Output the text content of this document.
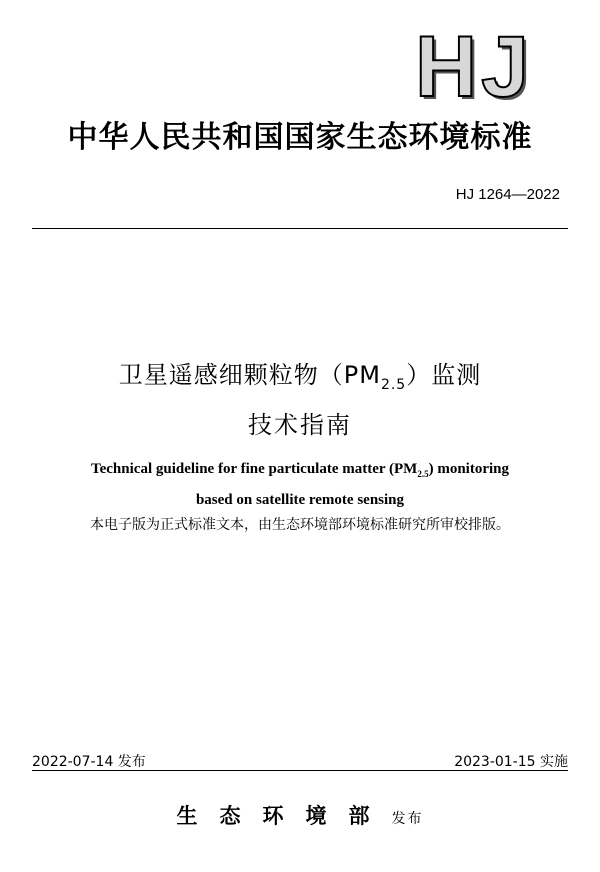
HJ
中华人民共和国国家生态环境标准
HJ 1264—2022
卫星遥感细颗粒物$(PM_{2.5})$监测
技术指南
Technical guideline for fine particulate matter $(PM_{2.5})$ monitoring
based on satellite remote sensing
本电子版为正式标准文本，由生态环境部环境标准研究所审校排版。
2022-07-14 发布	2023-01-15 实施
生态环境部发布
